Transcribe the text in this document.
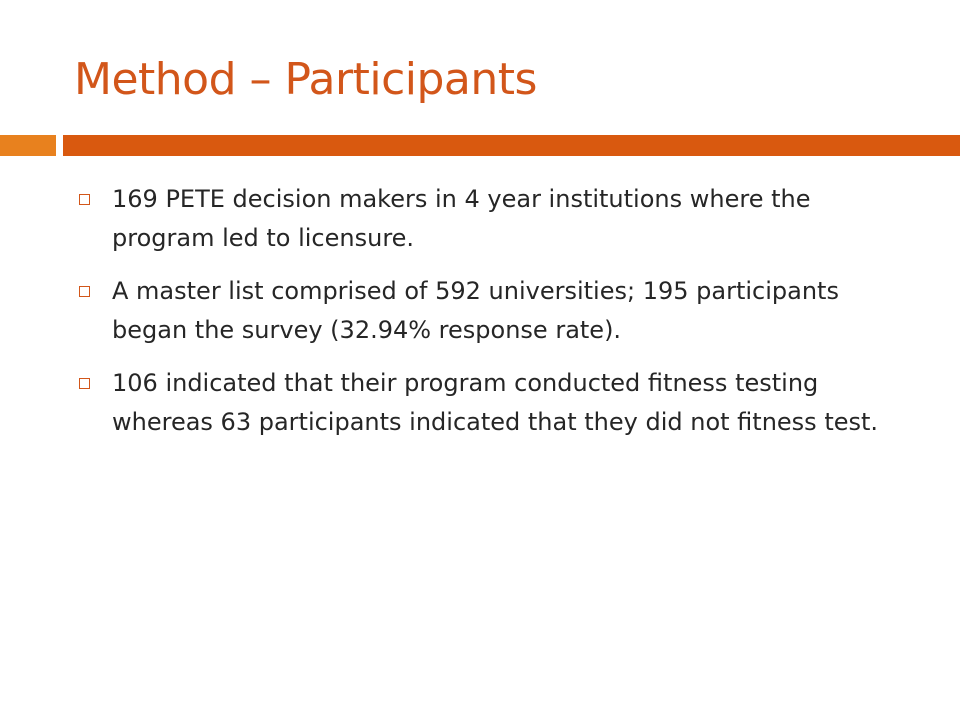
Method – Participants
169 PETE decision makers in 4 year institutions where the program led to licensure.
A master list comprised of 592 universities; 195 participants began the survey (32.94% response rate).
106 indicated that their program conducted fitness testing whereas 63 participants indicated that they did not fitness test.
